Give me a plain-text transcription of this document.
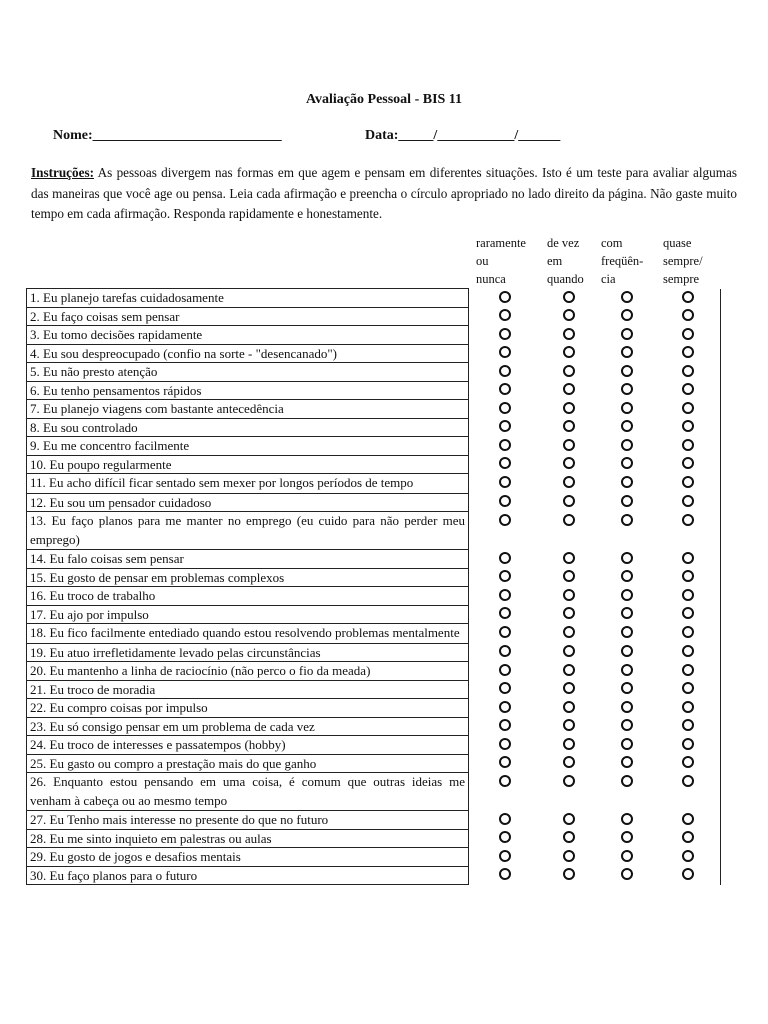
Avaliação Pessoal - BIS 11
Nome:___________________________	Data:_____/___________/______
Instruções: As pessoas divergem nas formas em que agem e pensam em diferentes situações. Isto é um teste para avaliar algumas das maneiras que você age ou pensa. Leia cada afirmação e preencha o círculo apropriado no lado direito da página. Não gaste muito tempo em cada afirmação. Responda rapidamente e honestamente.
raramente
ou
nunca
de vez
em
quando
com
freqüên-
cia
quase
sempre/
sempre
1. Eu planejo tarefas cuidadosamente				
2. Eu faço coisas sem pensar				
3. Eu tomo decisões rapidamente				
4. Eu sou despreocupado (confio na sorte - "desencanado")				
5. Eu não presto atenção				
6. Eu tenho pensamentos rápidos				
7. Eu planejo viagens com bastante antecedência				
8. Eu sou controlado				
9. Eu me concentro facilmente				
10. Eu poupo regularmente				
11. Eu acho difícil ficar sentado sem mexer por longos períodos de tempo				
12. Eu sou um pensador cuidadoso				
13. Eu faço planos para me manter no emprego (eu cuido para não perder meu emprego)				
14. Eu falo coisas sem pensar				
15. Eu gosto de pensar em problemas complexos				
16. Eu troco de trabalho				
17. Eu ajo por impulso				
18. Eu fico facilmente entediado quando estou resolvendo problemas mentalmente				
19. Eu atuo irrefletidamente levado pelas circunstâncias				
20. Eu mantenho a linha de raciocínio (não perco o fio da meada)				
21. Eu troco de moradia				
22. Eu compro coisas por impulso				
23. Eu só consigo pensar em um problema de cada vez				
24. Eu troco de interesses e passatempos (hobby)				
25. Eu gasto ou compro a prestação mais do que ganho				
26. Enquanto estou pensando em uma coisa, é comum que outras ideias me venham à cabeça ou ao mesmo tempo				
27. Eu Tenho mais interesse no presente do que no futuro				
28. Eu me sinto inquieto em palestras ou aulas				
29. Eu gosto de jogos e desafios mentais				
30. Eu faço planos para o futuro				
